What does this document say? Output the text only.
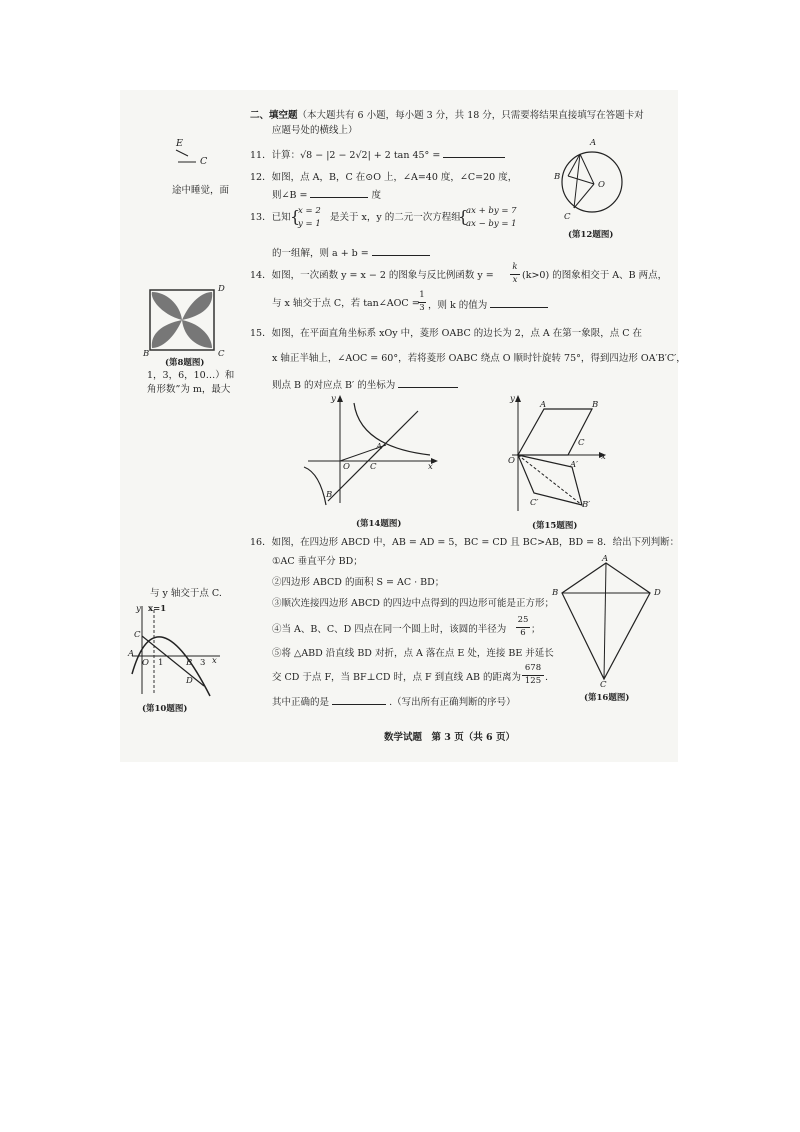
E
C
途中睡觉，面
D
B	C
(第8题图)
1，3，6，10…）和
角形数”为 m，最大
与 y 轴交于点 C.
x=1
y
x
C
A
O 1	B 3
D
(第10题图)
二、填空题（本大题共有 6 小题，每小题 3 分，共 18 分，只需要将结果直接填写在答题卡对
应题号处的横线上）
11．计算：√8 − |2 − 2√2| + 2 tan 45° =
12．如图，点 A，B，C 在⊙O 上，∠A=40 度，∠C=20 度，
则∠B =	度
A
B
O
C
(第12题图)
13．已知 {
x = 2
y = 1
是关于 x，y 的二元一次方程组
{
ax + by = 7
ax − by = 1
的一组解，则 a + b =
14．如图，一次函数 y = x − 2 的图象与反比例函数 y =
k
x (k>0) 的图象相交于 A、B 两点，
与 x 轴交于点 C，若 tan∠AOC =
1
3 ，则 k 的值为
15．如图，在平面直角坐标系 xOy 中，菱形 OABC 的边长为 2，点 A 在第一象限，点 C 在
x 轴正半轴上，∠AOC = 60°，若将菱形 OABC 绕点 O 顺时针旋转 75°，得到四边形 OA′B′C′，
则点 B 的对应点 B′ 的坐标为
y
x
A
O C
B
(第14题图)
y
A	B
C
O	x
A′
C′	B′
(第15题图)
16．如图，在四边形 ABCD 中，AB = AD = 5，BC = CD 且 BC>AB，BD = 8．给出下列判断：
①AC 垂直平分 BD；
②四边形 ABCD 的面积 S = AC · BD；
③顺次连接四边形 ABCD 的四边中点得到的四边形可能是正方形；
④当 A、B、C、D 四点在同一个圆上时，该圆的半径为
25
6 ；
⑤将 △ABD 沿直线 BD 对折，点 A 落在点 E 处，连接 BE 并延长
交 CD 于点 F，当 BF⊥CD 时，点 F 到直线 AB 的距离为
678
125 .
其中正确的是	.（写出所有正确判断的序号）
A
B	D
C
(第16题图)
数学试题　第 3 页（共 6 页）
